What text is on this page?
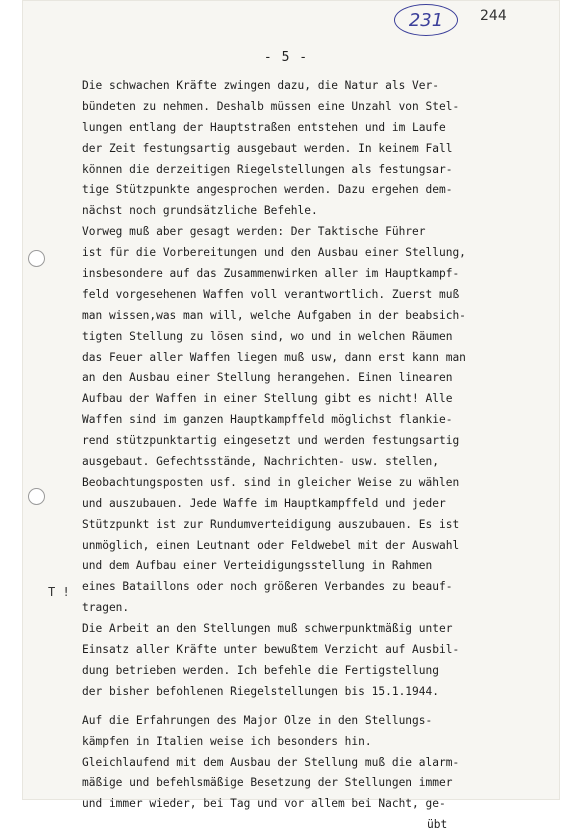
231	244
- 5 -
T !
Die schwachen Kräfte zwingen dazu, die Natur als Ver-
bündeten zu nehmen. Deshalb müssen eine Unzahl von Stel-
lungen entlang der Hauptstraßen entstehen und im Laufe
der Zeit festungsartig ausgebaut werden. In keinem Fall
können die derzeitigen Riegelstellungen als festungsar-
tige Stützpunkte angesprochen werden. Dazu ergehen dem-
nächst noch grundsätzliche Befehle.
Vorweg muß aber gesagt werden: Der Taktische Führer
ist für die Vorbereitungen und den Ausbau einer Stellung,
insbesondere auf das Zusammenwirken aller im Hauptkampf-
feld vorgesehenen Waffen voll verantwortlich. Zuerst muß
man wissen,was man will, welche Aufgaben in der beabsich-
tigten Stellung zu lösen sind, wo und in welchen Räumen
das Feuer aller Waffen liegen muß usw, dann erst kann man
an den Ausbau einer Stellung herangehen. Einen linearen
Aufbau der Waffen in einer Stellung gibt es nicht! Alle
Waffen sind im ganzen Hauptkampffeld möglichst flankie-
rend stützpunktartig eingesetzt und werden festungsartig
ausgebaut. Gefechtsstände, Nachrichten- usw. stellen,
Beobachtungsposten usf. sind in gleicher Weise zu wählen
und auszubauen. Jede Waffe im Hauptkampffeld und jeder
Stützpunkt ist zur Rundumverteidigung auszubauen. Es ist
unmöglich, einen Leutnant oder Feldwebel mit der Auswahl
und dem Aufbau einer Verteidigungsstellung in Rahmen
eines Bataillons oder noch größeren Verbandes zu beauf-
tragen.
Die Arbeit an den Stellungen muß schwerpunktmäßig unter
Einsatz aller Kräfte unter bewußtem Verzicht auf Ausbil-
dung betrieben werden. Ich befehle die Fertigstellung
der bisher befohlenen Riegelstellungen bis 15.1.1944.
Auf die Erfahrungen des Major Olze in den Stellungs-
kämpfen in Italien weise ich besonders hin.
Gleichlaufend mit dem Ausbau der Stellung muß die alarm-
mäßige und befehlsmäßige Besetzung der Stellungen immer
und immer wieder, bei Tag und vor allem bei Nacht, ge-
übt
